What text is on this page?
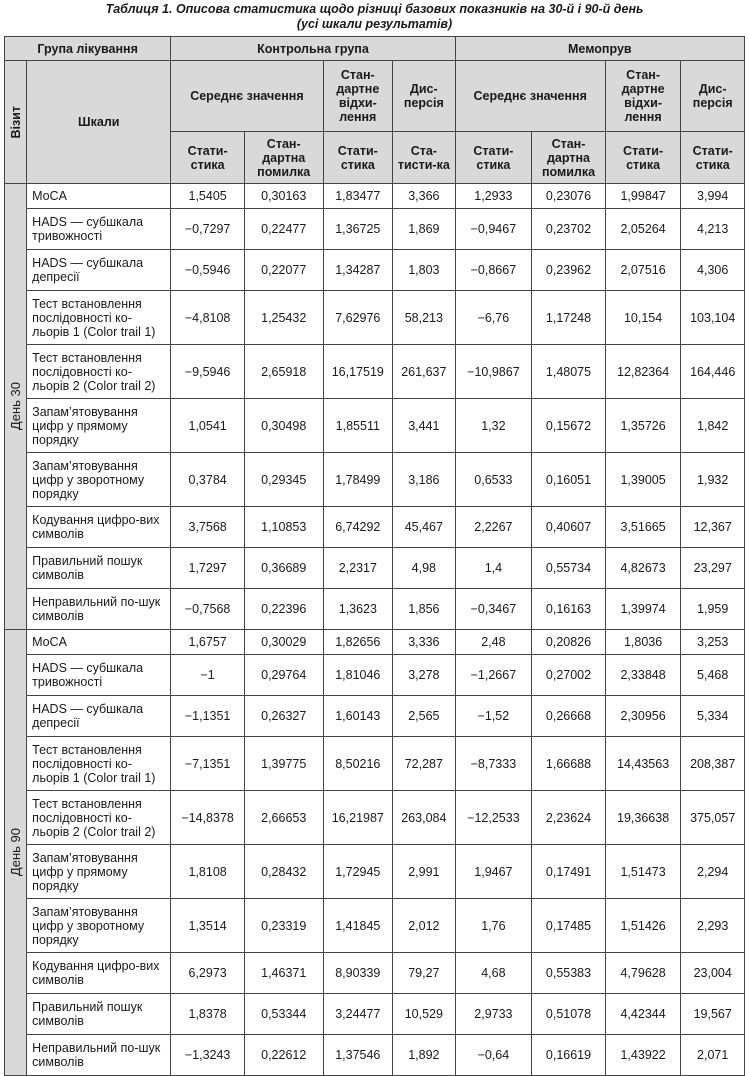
Таблиця 1. Описова статистика щодо різниці базових показників на 30-й і 90-й день
(усі шкали результатів)
Група лікування		Контрольна група				Мемопрув			

Візит	Шкали	Середнє значення		Стан-дартне відхи-лення	Дис-персія	Середнє значення		Стан-дартне відхи-лення	Дис-персія
		Стати-стика	Стан-дартна помилка	Стати-стика	Ста-тисти-ка	Стати-стика	Стан-дартна помилка	Стати-стика	Стати-стика

День 30	MoCA	1,5405	0,30163	1,83477	3,366	1,2933	0,23076	1,99847	3,994
	HADS — субшкала тривожності	−0,7297	0,22477	1,36725	1,869	−0,9467	0,23702	2,05264	4,213
	HADS — субшкала депресії	−0,5946	0,22077	1,34287	1,803	−0,8667	0,23962	2,07516	4,306
	Тест встановлення послідовності ко-льорів 1 (Color trail 1)	−4,8108	1,25432	7,62976	58,213	−6,76	1,17248	10,154	103,104
	Тест встановлення послідовності ко-льорів 2 (Color trail 2)	−9,5946	2,65918	16,17519	261,637	−10,9867	1,48075	12,82364	164,446
	Запам’ятовування цифр у прямому порядку	1,0541	0,30498	1,85511	3,441	1,32	0,15672	1,35726	1,842
	Запам’ятовування цифр у зворотному порядку	0,3784	0,29345	1,78499	3,186	0,6533	0,16051	1,39005	1,932
	Кодування цифро-вих символів	3,7568	1,10853	6,74292	45,467	2,2267	0,40607	3,51665	12,367
	Правильний пошук символів	1,7297	0,36689	2,2317	4,98	1,4	0,55734	4,82673	23,297
	Неправильний по-шук символів	−0,7568	0,22396	1,3623	1,856	−0,3467	0,16163	1,39974	1,959

День 90	MoCA	1,6757	0,30029	1,82656	3,336	2,48	0,20826	1,8036	3,253
	HADS — субшкала тривожності	−1	0,29764	1,81046	3,278	−1,2667	0,27002	2,33848	5,468
	HADS — субшкала депресії	−1,1351	0,26327	1,60143	2,565	−1,52	0,26668	2,30956	5,334
	Тест встановлення послідовності ко-льорів 1 (Color trail 1)	−7,1351	1,39775	8,50216	72,287	−8,7333	1,66688	14,43563	208,387
	Тест встановлення послідовності ко-льорів 2 (Color trail 2)	−14,8378	2,66653	16,21987	263,084	−12,2533	2,23624	19,36638	375,057
	Запам’ятовування цифр у прямому порядку	1,8108	0,28432	1,72945	2,991	1,9467	0,17491	1,51473	2,294
	Запам’ятовування цифр у зворотному порядку	1,3514	0,23319	1,41845	2,012	1,76	0,17485	1,51426	2,293
	Кодування цифро-вих символів	6,2973	1,46371	8,90339	79,27	4,68	0,55383	4,79628	23,004
	Правильний пошук символів	1,8378	0,53344	3,24477	10,529	2,9733	0,51078	4,42344	19,567
	Неправильний по-шук символів	−1,3243	0,22612	1,37546	1,892	−0,64	0,16619	1,43922	2,071
